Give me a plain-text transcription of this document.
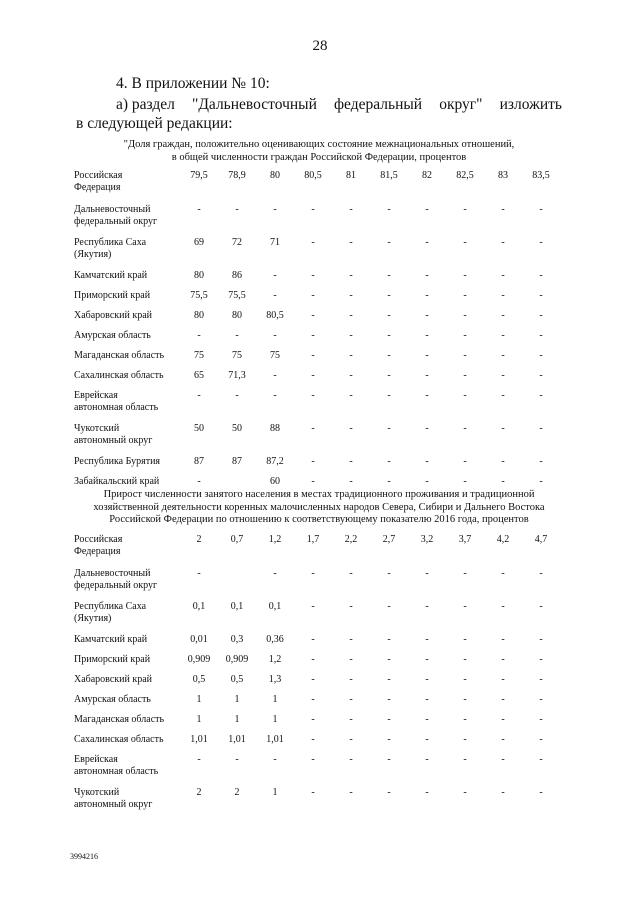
28
4. В приложении № 10:
а) раздел "Дальневосточный федеральный округ" изложить
в следующей редакции:
"Доля граждан, положительно оценивающих состояние межнациональных отношений,
в общей численности граждан Российской Федерации, процентов
Российская
Федерация	79,5	78,9	80	80,5	81	81,5	82	82,5	83	83,5

Дальневосточный
федеральный округ	-	-	-	-	-	-	-	-	-	-

Республика Саха
(Якутия)	69	72	71	-	-	-	-	-	-	-

Камчатский край	80	86	-	-	-	-	-	-	-	-

Приморский край	75,5	75,5	-	-	-	-	-	-	-	-

Хабаровский край	80	80	80,5	-	-	-	-	-	-	-

Амурская область	-	-	-	-	-	-	-	-	-	-

Магаданская область	75	75	75	-	-	-	-	-	-	-

Сахалинская область	65	71,3	-	-	-	-	-	-	-	-

Еврейская
автономная область	-	-	-	-	-	-	-	-	-	-

Чукотский
автономный округ	50	50	88	-	-	-	-	-	-	-

Республика Бурятия	87	87	87,2	-	-	-	-	-	-	-

Забайкальский край	-		60	-	-	-	-	-	-	-
Прирост численности занятого населения в местах традиционного проживания и традиционной
хозяйственной деятельности коренных малочисленных народов Севера, Сибири и Дальнего Востока
Российской Федерации по отношению к соответствующему показателю 2016 года, процентов
Российская
Федерация	2	0,7	1,2	1,7	2,2	2,7	3,2	3,7	4,2	4,7

Дальневосточный
федеральный округ	-		-	-	-	-	-	-	-	-

Республика Саха
(Якутия)	0,1	0,1	0,1	-	-	-	-	-	-	-

Камчатский край	0,01	0,3	0,36	-	-	-	-	-	-	-

Приморский край	0,909	0,909	1,2	-	-	-	-	-	-	-

Хабаровский край	0,5	0,5	1,3	-	-	-	-	-	-	-

Амурская область	1	1	1	-	-	-	-	-	-	-

Магаданская область	1	1	1	-	-	-	-	-	-	-

Сахалинская область	1,01	1,01	1,01	-	-	-	-	-	-	-

Еврейская
автономная область	-	-	-	-	-	-	-	-	-	-

Чукотский
автономный округ	2	2	1	-	-	-	-	-	-	-
3994216
